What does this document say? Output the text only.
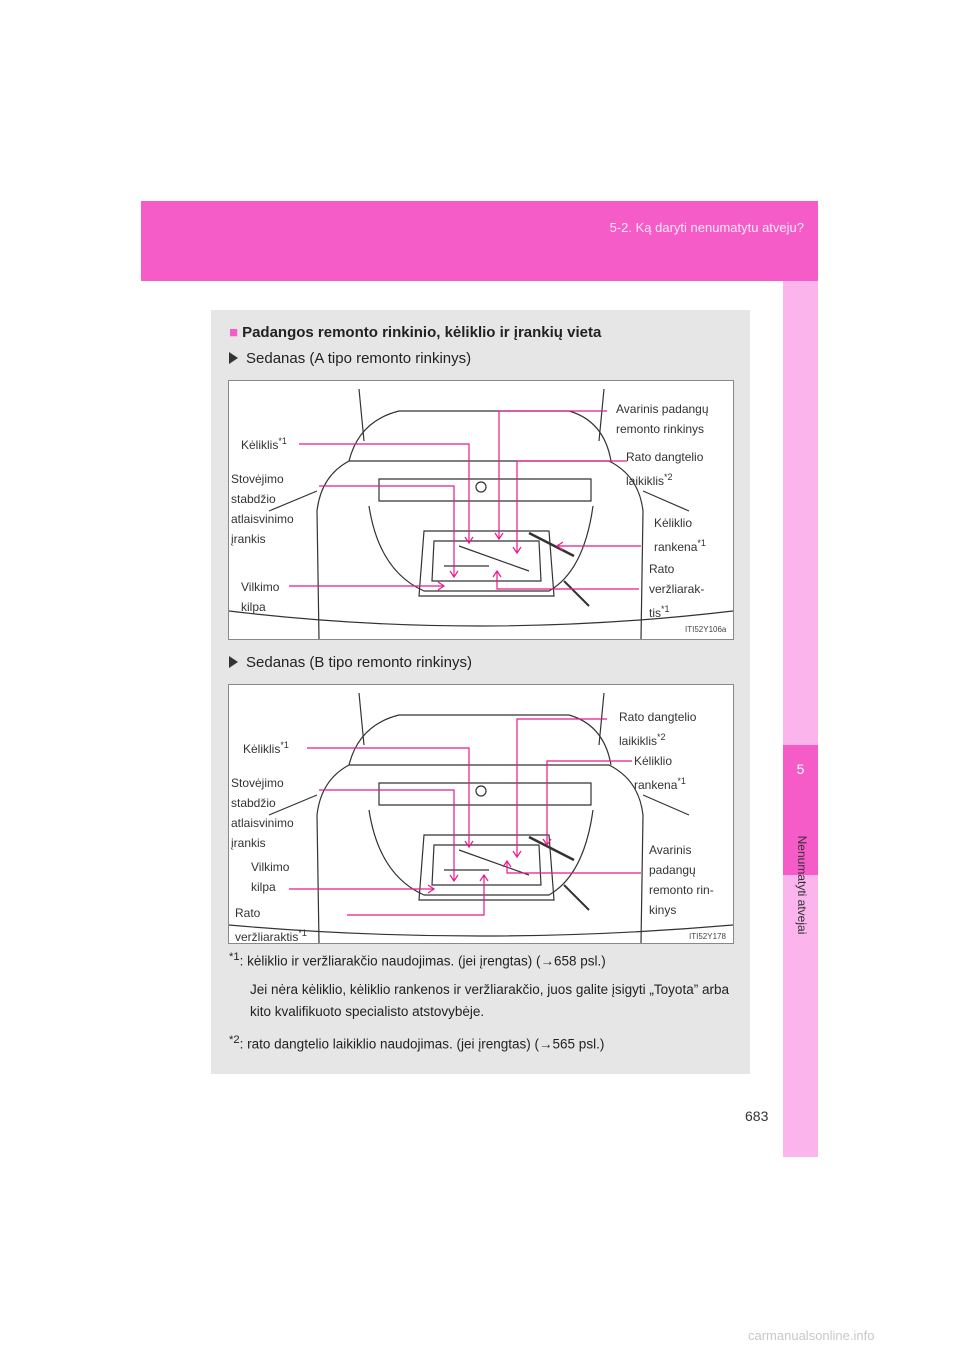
5-2. Ką daryti nenumatytu atveju?
5
Nenumatyti atvejai
■ Padangos remonto rinkinio, kėliklio ir įrankių vieta
Sedanas (A tipo remonto rinkinys)
Kėliklis$^{*1}$
Stovėjimo
stabdžio
atlaisvinimo
įrankis
Vilkimo
kilpa
Avarinis padangų
remonto rinkinys
Rato dangtelio
laikiklis$^{*2}$
Kėliklio
rankena$^{*1}$
Rato
veržliarak-
tis$^{*1}$
ITI52Y106a
Sedanas (B tipo remonto rinkinys)
Kėliklis$^{*1}$
Stovėjimo
stabdžio
atlaisvinimo
įrankis
Vilkimo
kilpa
Rato
veržliaraktis$^{*1}$
Rato dangtelio
laikiklis$^{*2}$
Kėliklio
rankena$^{*1}$
Avarinis
padangų
remonto rin-
kinys
ITI52Y178

$^{*1}$: kėliklio ir veržliarakčio naudojimas. (jei įrengtas) (→658 psl.)

Jei nėra kėliklio, kėliklio rankenos ir veržliarakčio, juos galite įsigyti „Toyota” arba kito kvalifikuoto specialisto atstovybėje.

$^{*2}$: rato dangtelio laikiklio naudojimas. (jei įrengtas) (→565 psl.)

683
carmanualsonline.info
